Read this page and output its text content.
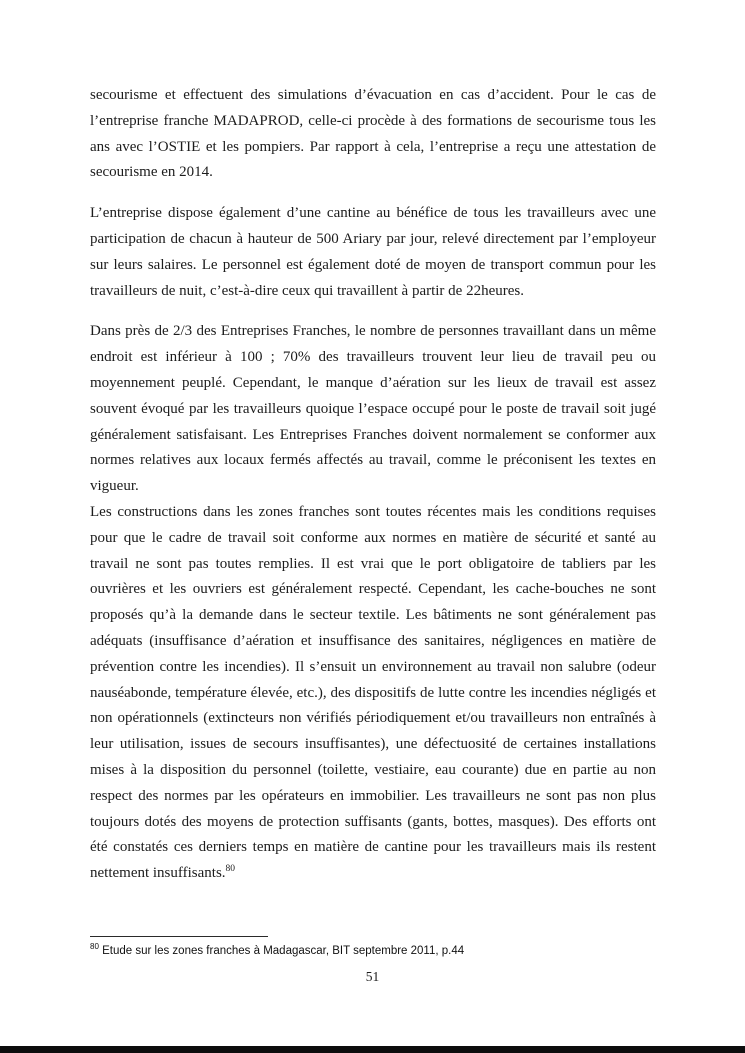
secourisme et effectuent des simulations d’évacuation en cas d’accident. Pour le cas de l’entreprise franche MADAPROD, celle-ci procède à des formations de secourisme tous les ans avec l’OSTIE et les pompiers. Par rapport à cela, l’entreprise a reçu une attestation de secourisme en 2014.

L’entreprise dispose également d’une cantine au bénéfice de tous les travailleurs avec une participation de chacun à hauteur de 500 Ariary par jour, relevé directement par l’employeur sur leurs salaires. Le personnel est également doté de moyen de transport commun pour les travailleurs de nuit, c’est-à-dire ceux qui travaillent à partir de 22heures.

Dans près de 2/3 des Entreprises Franches, le nombre de personnes travaillant dans un même endroit est inférieur à 100 ; 70% des travailleurs trouvent leur lieu de travail peu ou moyennement peuplé. Cependant, le manque d’aération sur les lieux de travail est assez souvent évoqué par les travailleurs quoique l’espace occupé pour le poste de travail soit jugé généralement satisfaisant. Les Entreprises Franches doivent normalement se conformer aux normes relatives aux locaux fermés affectés au travail, comme le préconisent les textes en vigueur.

Les constructions dans les zones franches sont toutes récentes mais les conditions requises pour que le cadre de travail soit conforme aux normes en matière de sécurité et santé au travail ne sont pas toutes remplies. Il est vrai que le port obligatoire de tabliers par les ouvrières et les ouvriers est généralement respecté. Cependant, les cache-bouches ne sont proposés qu’à la demande dans le secteur textile. Les bâtiments ne sont généralement pas adéquats (insuffisance d’aération et insuffisance des sanitaires, négligences en matière de prévention contre les incendies). Il s’ensuit un environnement au travail non salubre (odeur nauséabonde, température élevée, etc.), des dispositifs de lutte contre les incendies négligés et non opérationnels (extincteurs non vérifiés périodiquement et/ou travailleurs non entraînés à leur utilisation, issues de secours insuffisantes), une défectuosité de certaines installations mises à la disposition du personnel (toilette, vestiaire, eau courante) due en partie au non respect des normes par les opérateurs en immobilier. Les travailleurs ne sont pas non plus toujours dotés des moyens de protection suffisants (gants, bottes, masques). Des efforts ont été constatés ces derniers temps en matière de cantine pour les travailleurs mais ils restent nettement insuffisants.$^{80}$

$^{80}$ Etude sur les zones franches à Madagascar, BIT septembre 2011, p.44

51
